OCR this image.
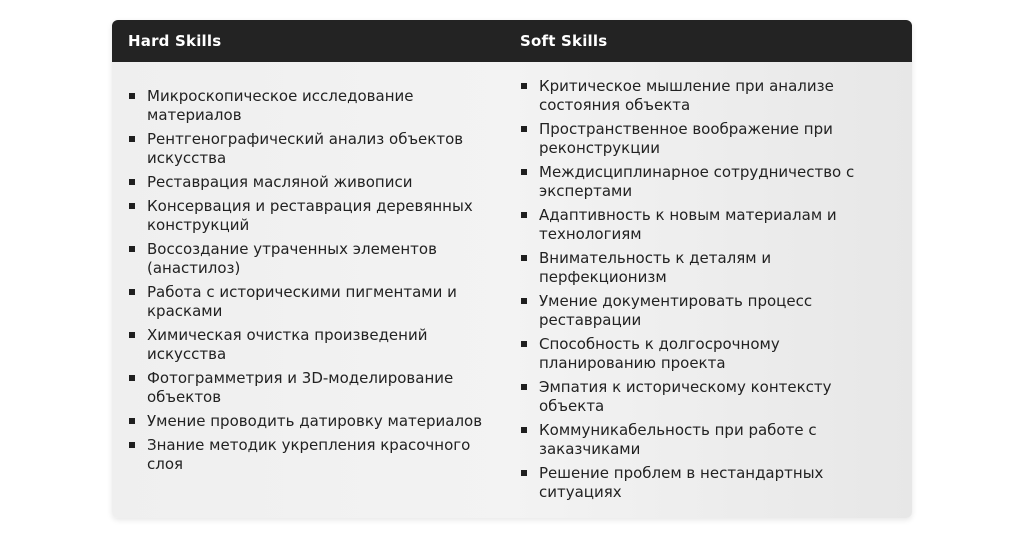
Hard Skills	Soft Skills
Микроскопическое исследование материалов
Рентгенографический анализ объектов искусства
Реставрация масляной живописи
Консервация и реставрация деревянных конструкций
Воссоздание утраченных элементов (анастилоз)
Работа с историческими пигментами и красками
Химическая очистка произведений искусства
Фотограмметрия и 3D-моделирование объектов
Умение проводить датировку материалов
Знание методик укрепления красочного слоя
Критическое мышление при анализе состояния объекта
Пространственное воображение при реконструкции
Междисциплинарное сотрудничество с экспертами
Адаптивность к новым материалам и технологиям
Внимательность к деталям и перфекционизм
Умение документировать процесс реставрации
Способность к долгосрочному планированию проекта
Эмпатия к историческому контексту объекта
Коммуникабельность при работе с заказчиками
Решение проблем в нестандартных ситуациях
